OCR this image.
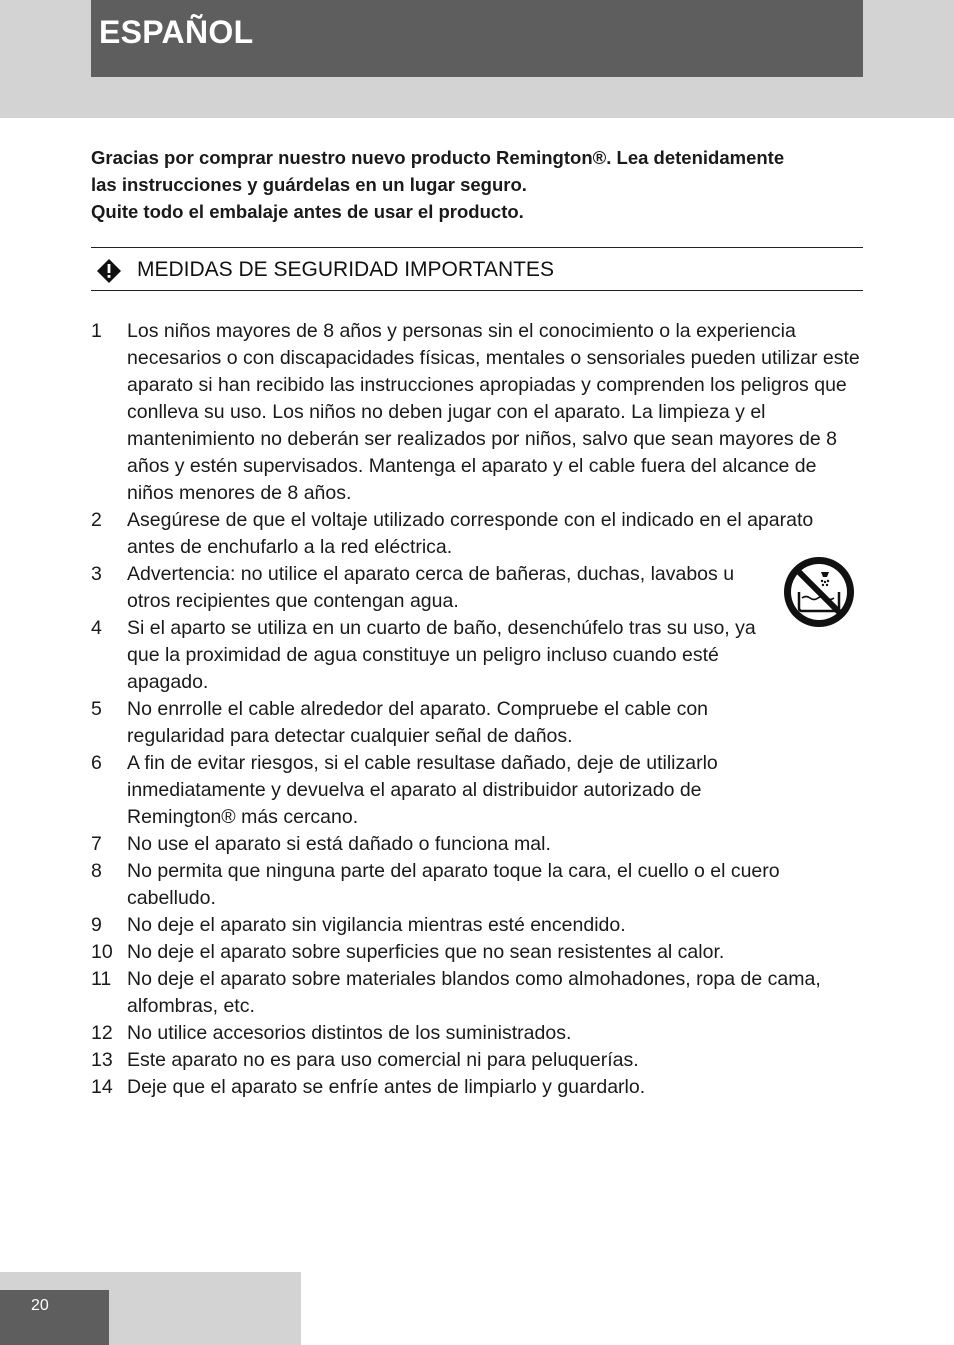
ESPAÑOL

Gracias por comprar nuestro nuevo producto Remington®. Lea detenidamente

las instrucciones y guárdelas en un lugar seguro.

Quite todo el embalaje antes de usar el producto.

MEDIDAS DE SEGURIDAD IMPORTANTES
1 Los niños mayores de 8 años y personas sin el conocimiento o la experiencia necesarios o con discapacidades físicas, mentales o sensoriales pueden utilizar este aparato si han recibido las instrucciones apropiadas y comprenden los peligros que conlleva su uso. Los niños no deben jugar con el aparato. La limpieza y el mantenimiento no deberán ser realizados por niños, salvo que sean mayores de 8 años y estén supervisados. Mantenga el aparato y el cable fuera del alcance de niños menores de 8 años.
2 Asegúrese de que el voltaje utilizado corresponde con el indicado en el aparato antes de enchufarlo a la red eléctrica.
3 Advertencia: no utilice el aparato cerca de bañeras, duchas, lavabos u otros recipientes que contengan agua.
4 Si el aparto se utiliza en un cuarto de baño, desenchúfelo tras su uso, ya que la proximidad de agua constituye un peligro incluso cuando esté apagado.
5 No enrrolle el cable alrededor del aparato. Compruebe el cable con regularidad para detectar cualquier señal de daños.
6 A fin de evitar riesgos, si el cable resultase dañado, deje de utilizarlo inmediatamente y devuelva el aparato al distribuidor autorizado de Remington® más cercano.
7 No use el aparato si está dañado o funciona mal.
8 No permita que ninguna parte del aparato toque la cara, el cuello o el cuero cabelludo.
9 No deje el aparato sin vigilancia mientras esté encendido.
10 No deje el aparato sobre superficies que no sean resistentes al calor.
11 No deje el aparato sobre materiales blandos como almohadones, ropa de cama, alfombras, etc.
12 No utilice accesorios distintos de los suministrados.
13 Este aparato no es para uso comercial ni para peluquerías.
14 Deje que el aparato se enfríe antes de limpiarlo y guardarlo.
20
